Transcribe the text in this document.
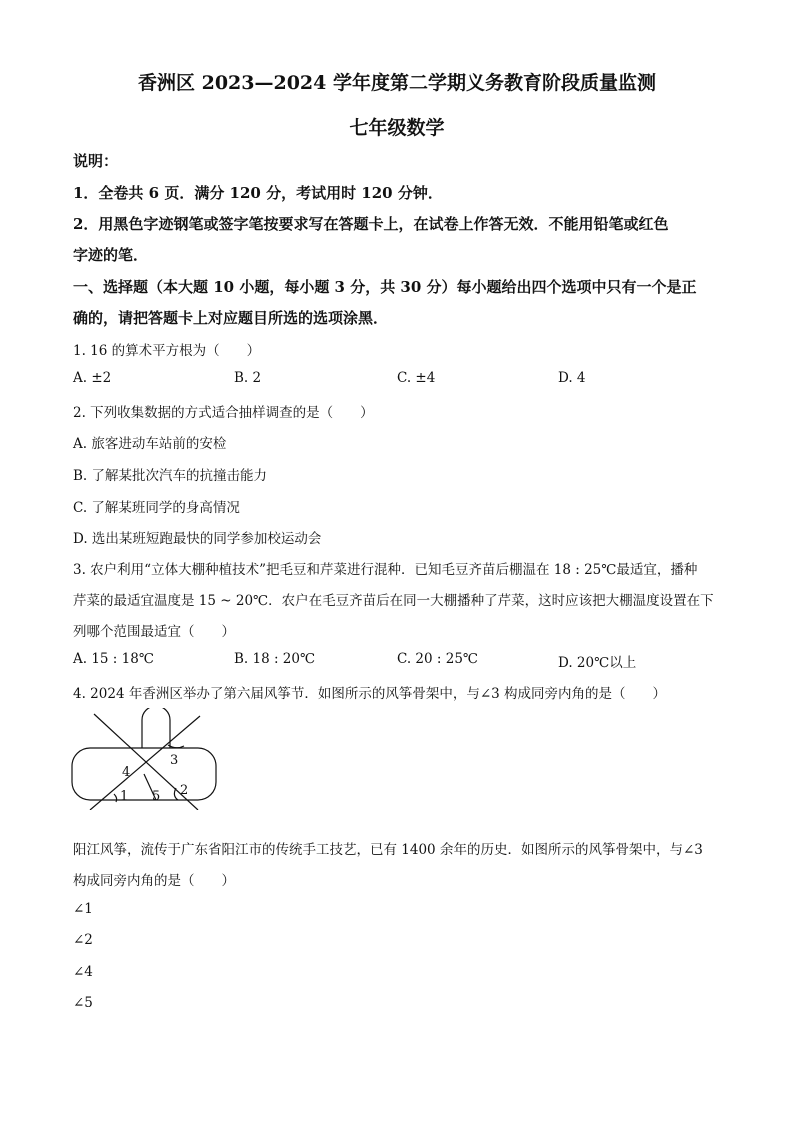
香洲区 2023—2024 学年度第二学期义务教育阶段质量监测
七年级数学
说明：
1．全卷共 6 页．满分 120 分，考试用时 120 分钟．
2．用黑色字迹钢笔或签字笔按要求写在答题卡上，在试卷上作答无效．不能用铅笔或红色
字迹的笔．
一、选择题（本大题 10 小题，每小题 3 分，共 30 分）每小题给出四个选项中只有一个是正
确的，请把答题卡上对应题目所选的选项涂黑．
1. 16 的算术平方根为（　　）
A. ±2	B. 2	C. ±4	D. 4
2. 下列收集数据的方式适合抽样调查的是（　　）
A. 旅客进动车站前的安检
B. 了解某批次汽车的抗撞击能力
C. 了解某班同学的身高情况
D. 选出某班短跑最快的同学参加校运动会
3. 农户利用“立体大棚种植技术”把毛豆和芹菜进行混种．已知毛豆齐苗后棚温在 18 : 25℃最适宜，播种
芹菜的最适宜温度是 15 ~ 20℃．农户在毛豆齐苗后在同一大棚播种了芹菜，这时应该把大棚温度设置在下
列哪个范围最适宜（　　）
A. 15 : 18℃	B. 18 : 20℃	C. 20 : 25℃	D. 20℃以上
4. 2024 年香洲区举办了第六届风筝节．如图所示的风筝骨架中，与∠3 构成同旁内角的是（　　）
3
4
1 5 2
阳江风筝，流传于广东省阳江市的传统手工技艺，已有 1400 余年的历史．如图所示的风筝骨架中，与∠3
构成同旁内角的是（　　）
∠1
∠2
∠4
∠5
